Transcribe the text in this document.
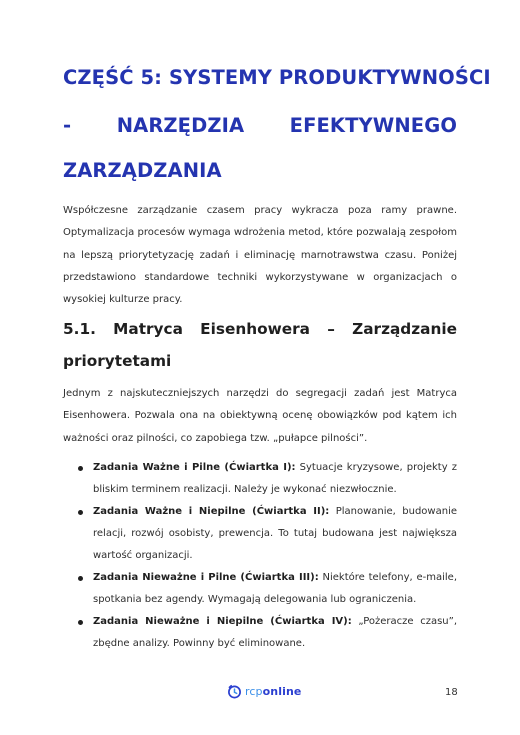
CZĘŚĆ 5: SYSTEMY PRODUKTYWNOŚCI
- NARZĘDZIA EFEKTYWNEGO
ZARZĄDZANIA

Współczesne zarządzanie czasem pracy wykracza poza ramy prawne. Optymalizacja procesów wymaga wdrożenia metod, które pozwalają zespołom na lepszą priorytetyzację zadań i eliminację marnotrawstwa czasu. Poniżej przedstawiono standardowe techniki wykorzystywane w organizacjach o wysokiej kulturze pracy.

5.1. Matryca Eisenhowera – Zarządzanie
priorytetami

Jednym z najskuteczniejszych narzędzi do segregacji zadań jest Matryca Eisenhowera. Pozwala ona na obiektywną ocenę obowiązków pod kątem ich ważności oraz pilności, co zapobiega tzw. „pułapce pilności”.

Zadania Ważne i Pilne (Ćwiartka I): Sytuacje kryzysowe, projekty z bliskim terminem realizacji. Należy je wykonać niezwłocznie.
Zadania Ważne i Niepilne (Ćwiartka II): Planowanie, budowanie relacji, rozwój osobisty, prewencja. To tutaj budowana jest największa wartość organizacji.
Zadania Nieważne i Pilne (Ćwiartka III): Niektóre telefony, e-maile, spotkania bez agendy. Wymagają delegowania lub ograniczenia.
Zadania Nieważne i Niepilne (Ćwiartka IV): „Pożeracze czasu”, zbędne analizy. Powinny być eliminowane.
rcponline	18
